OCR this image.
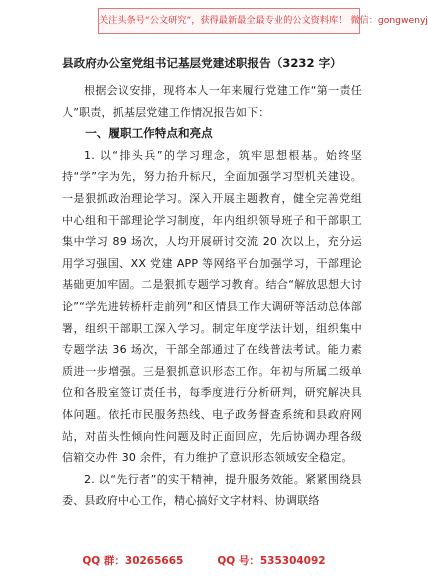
关注头条号“公文研究”，获得最新最全最专业的公文资料库！ 微信：gongwenyj
县政府办公室党组书记基层党建述职报告（3232 字）

根据会议安排，现将本人一年来履行党建工作“第一责任人”职责，抓基层党建工作情况报告如下：

一、履职工作特点和亮点

1. 以“排头兵”的学习理念，筑牢思想根基。始终坚持“学”字为先，努力抬升标尺，全面加强学习型机关建设。一是狠抓政治理论学习。深入开展主题教育，健全完善党组中心组和干部理论学习制度，年内组织领导班子和干部职工集中学习 89 场次，人均开展研讨交流 20 次以上，充分运用学习强国、XX 党建 APP 等网络平台加强学习，干部理论基础更加牢固。二是狠抓专题学习教育。结合“解放思想大讨论”“学先进转桥杆走前列”和区情县工作大调研等活动总体部署，组织干部职工深入学习。制定年度学法计划，组织集中专题学法 36 场次，干部全部通过了在线普法考试。能力素质进一步增强。三是狠抓意识形态工作。年初与所属二级单位和各股室签订责任书，每季度进行分析研判，研究解决具体问题。依托市民服务热线、电子政务督查系统和县政府网站，对苗头性倾向性问题及时正面回应，先后协调办理各级信箱交办件 30 余件，有力维护了意识形态领域安全稳定。

2. 以“先行者”的实干精神，提升服务效能。紧紧围绕县委、县政府中心工作，精心搞好文字材料、协调联络

QQ 群：30265665	QQ 号：535304092
